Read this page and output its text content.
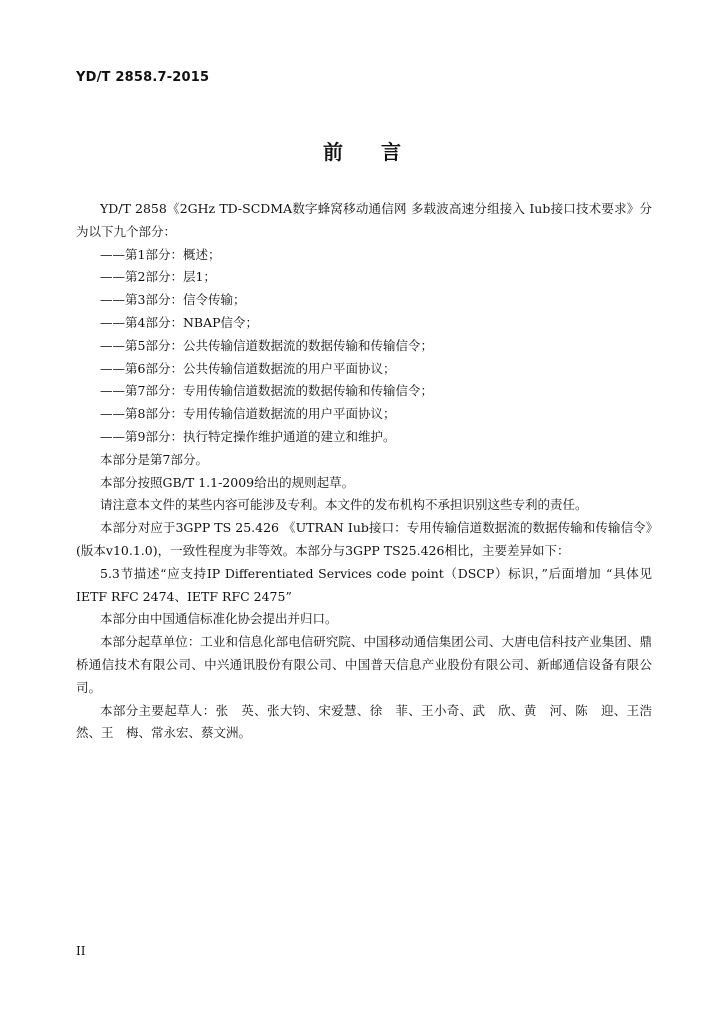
YD/T 2858.7-2015
前 言

YD/T 2858《2GHz TD-SCDMA数字蜂窝移动通信网 多载波高速分组接入 Iub接口技术要求》分为以下九个部分：

——第1部分：概述；

——第2部分：层1；

——第3部分：信令传输；

——第4部分：NBAP信令；

——第5部分：公共传输信道数据流的数据传输和传输信令；

——第6部分：公共传输信道数据流的用户平面协议；

——第7部分：专用传输信道数据流的数据传输和传输信令；

——第8部分：专用传输信道数据流的用户平面协议；

——第9部分：执行特定操作维护通道的建立和维护。

本部分是第7部分。

本部分按照GB/T 1.1-2009给出的规则起草。

请注意本文件的某些内容可能涉及专利。本文件的发布机构不承担识别这些专利的责任。

本部分对应于3GPP TS 25.426 《UTRAN Iub接口：专用传输信道数据流的数据传输和传输信令》(版本v10.1.0)，一致性程度为非等效。本部分与3GPP TS25.426相比，主要差异如下：

5.3节描述“应支持IP Differentiated Services code point（DSCP）标识，”后面增加 “具体见IETF RFC 2474、IETF RFC 2475”

本部分由中国通信标准化协会提出并归口。

本部分起草单位：工业和信息化部电信研究院、中国移动通信集团公司、大唐电信科技产业集团、鼎桥通信技术有限公司、中兴通讯股份有限公司、中国普天信息产业股份有限公司、新邮通信设备有限公司。

本部分主要起草人：张　英、张大钧、宋爱慧、徐　菲、王小奇、武　欣、黄　河、陈　迎、王浩然、王　梅、常永宏、蔡文洲。

II
